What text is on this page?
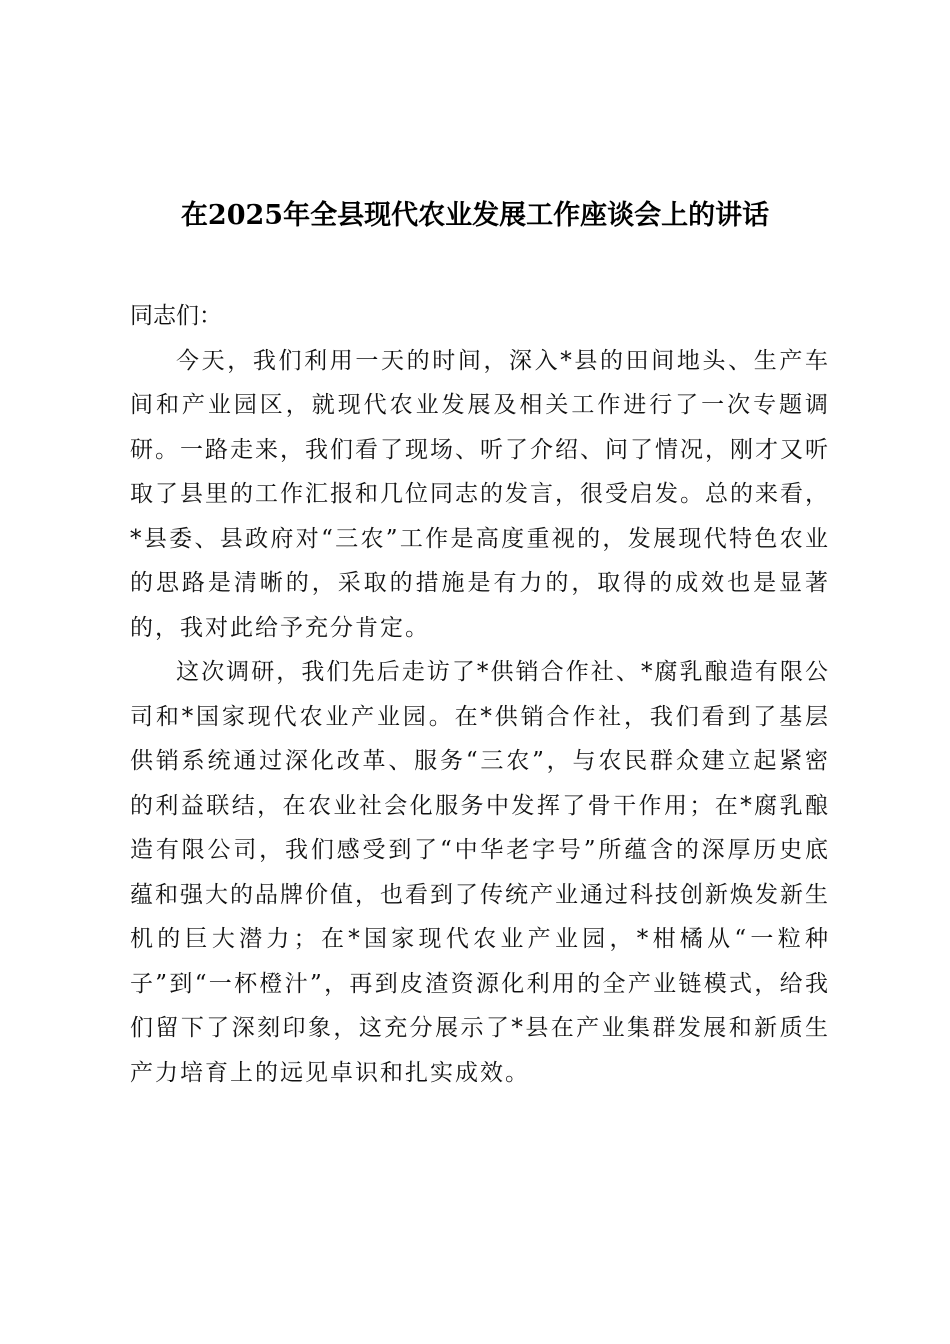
在2025年全县现代农业发展工作座谈会上的讲话

同志们：

今天，我们利用一天的时间，深入*县的田间地头、生产车间和产业园区，就现代农业发展及相关工作进行了一次专题调研。一路走来，我们看了现场、听了介绍、问了情况，刚才又听取了县里的工作汇报和几位同志的发言，很受启发。总的来看，*县委、县政府对“三农”工作是高度重视的，发展现代特色农业的思路是清晰的，采取的措施是有力的，取得的成效也是显著的，我对此给予充分肯定。

这次调研，我们先后走访了*供销合作社、*腐乳酿造有限公司和*国家现代农业产业园。在*供销合作社，我们看到了基层供销系统通过深化改革、服务“三农”，与农民群众建立起紧密的利益联结，在农业社会化服务中发挥了骨干作用；在*腐乳酿造有限公司，我们感受到了“中华老字号”所蕴含的深厚历史底蕴和强大的品牌价值，也看到了传统产业通过科技创新焕发新生机的巨大潜力；在*国家现代农业产业园，*柑橘从“一粒种子”到“一杯橙汁”，再到皮渣资源化利用的全产业链模式，给我们留下了深刻印象，这充分展示了*县在产业集群发展和新质生产力培育上的远见卓识和扎实成效。
